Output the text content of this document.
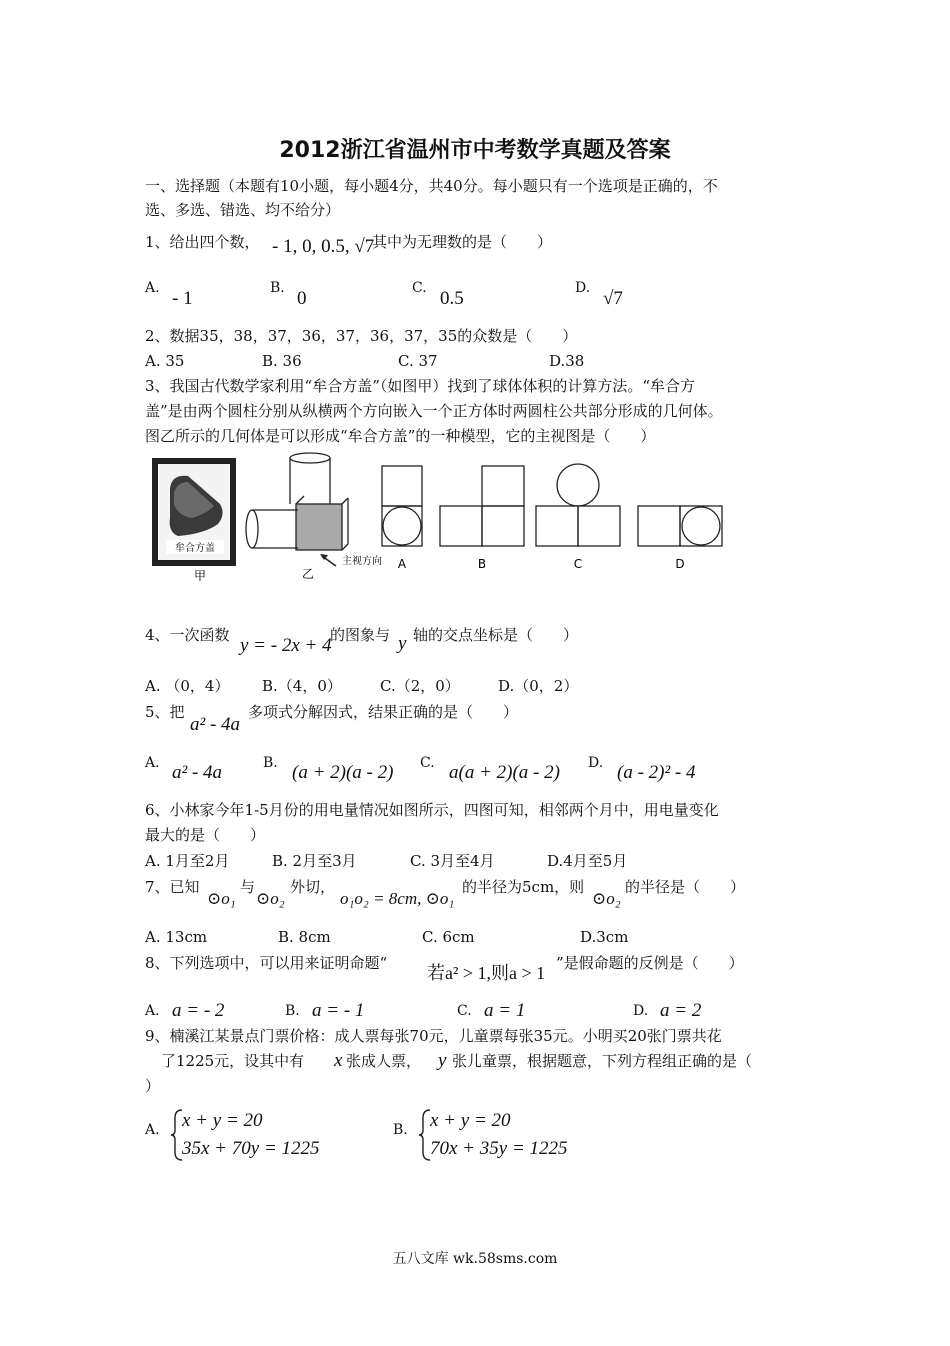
2012浙江省温州市中考数学真题及答案
一、选择题（本题有10小题，每小题4分，共40分。每小题只有一个选项是正确的，不
选、多选、错选、均不给分）
1、给出四个数， - 1, 0, 0.5, √7
其中为无理数的是（　　）
A. - 1	B. 0	C. 0.5	D. √7
2、数据35，38，37，36，37，36，37，35的众数是（　　）
A. 35	B. 36	C. 37	D.38
3、我国古代数学家利用“牟合方盖”（如图甲）找到了球体体积的计算方法。“牟合方
盖”是由两个圆柱分别从纵横两个方向嵌入一个正方体时两圆柱公共部分形成的几何体。
图乙所示的几何体是可以形成“牟合方盖”的一种模型，它的主视图是（　　）
牟合方盖
甲	乙
主视方向 A	B	C	D
4、一次函数 y = - 2x + 4
的图象与 y 轴的交点坐标是（　　）
A. （0，4） B.（4，0）	C.（2，0）	D.（0，2）
5、把
a² - 4a
多项式分解因式，结果正确的是（　　）
A. a² - 4a	B. (a + 2)(a - 2) C. a(a + 2)(a - 2) D. (a - 2)² - 4
6、小林家今年1-5月份的用电量情况如图所示，四图可知，相邻两个月中，用电量变化
最大的是（　　）
A. 1月至2月	B. 2月至3月	C. 3月至4月	D.4月至5月
7、已知
⊙o₁
与
⊙o₂
外切，
o₁o₂ = 8cm, ⊙o₁
的半径为5cm，则
⊙o₂
的半径是（　　）
A. 13cm	B. 8cm	C. 6cm	D.3cm
8、下列选项中，可以用来证明命题“ 若a² > 1,则a > 1 ”是假命题的反例是（　　）
A. a = - 2	B. a = - 1	C. a = 1	D. a = 2
9、楠溪江某景点门票价格：成人票每张70元，儿童票每张35元。小明买20张门票共花
了1225元，设其中有 x 张成人票， y 张儿童票，根据题意，下列方程组正确的是（
）
A. x + y = 20
35x + 70y = 1225
B. x + y = 20
70x + 35y = 1225
五八文库 wk.58sms.com
